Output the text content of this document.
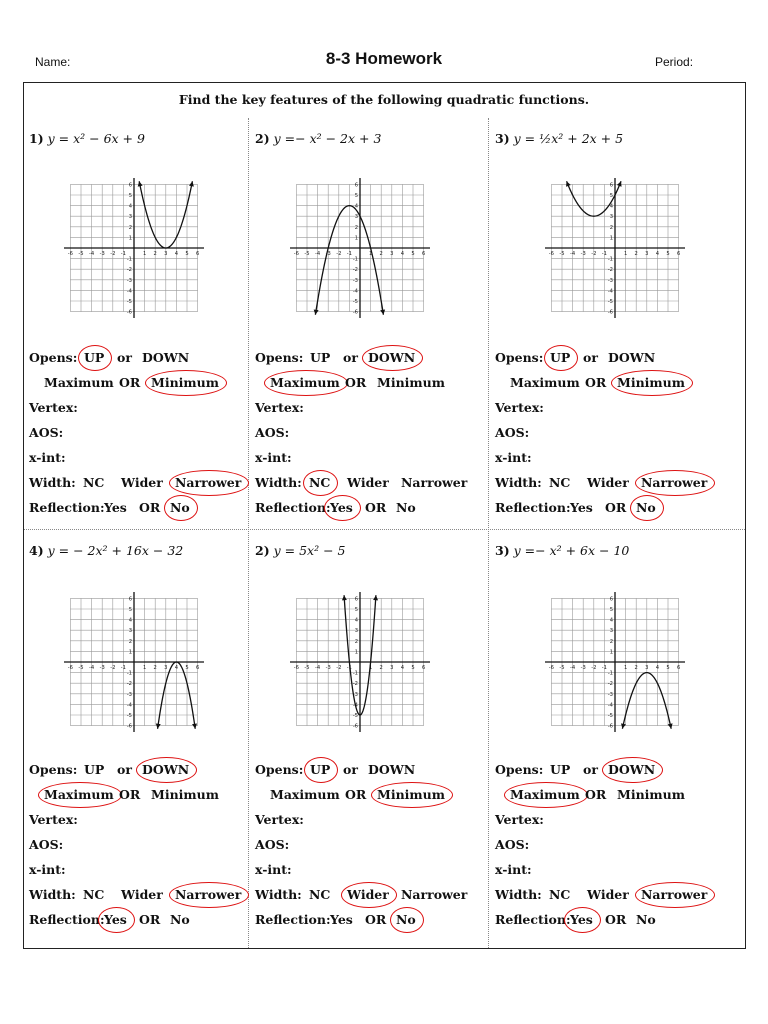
Name:	8-3 Homework	Period:
Find the key features of the following quadratic functions.
1) y = x² − 6x + 9
-6
-6
-5
-5
-4
-4
-3
-3
-2
-2
-1
-1
1
1
2
2
3
3
4
4
5
5
6
6
Opens: UP or DOWN
Maximum OR Minimum
Vertex:
AOS:
x-int:
Width: NC Wider Narrower
Reflection: Yes OR No
2) y =− x² − 2x + 3
-6
-6
-5
-5
-4
-4
-3
-3
-2
-2
-1
-1
1
1
2
2
3
3
4
4
5
5
6
6
Opens: UP or DOWN
Maximum OR Minimum
Vertex:
AOS:
x-int:
Width: NC Wider Narrower
Reflection: Yes OR No
3) y = ½x² + 2x + 5
-6
-6
-5
-5
-4
-4
-3
-3
-2
-2
-1
-1
1
1
2
2
3
3
4
4
5
5
6
6
Opens: UP or DOWN
Maximum OR Minimum
Vertex:
AOS:
x-int:
Width: NC Wider Narrower
Reflection: Yes OR No
4) y = − 2x² + 16x − 32
-6
-6
-5
-5
-4
-4
-3
-3
-2
-2
-1
-1
1
1
2
2
3
3
4
4
5
5
6
6
Opens: UP or DOWN
Maximum OR Minimum
Vertex:
AOS:
x-int:
Width: NC Wider Narrower
Reflection: Yes OR No
2) y = 5x² − 5
-6
-6
-5
-5
-4
-4
-3
-3
-2
-2
-1
-1
1
1
2
2
3
3
4
4
5
5
6
6
Opens: UP or DOWN
Maximum OR Minimum
Vertex:
AOS:
x-int:
Width: NC Wider Narrower
Reflection: Yes OR No
3) y =− x² + 6x − 10
-6
-6
-5
-5
-4
-4
-3
-3
-2
-2
-1
-1
1
1
2
2
3
3
4
4
5
5
6
6
Opens: UP or DOWN
Maximum OR Minimum
Vertex:
AOS:
x-int:
Width: NC Wider Narrower
Reflection: Yes OR No
